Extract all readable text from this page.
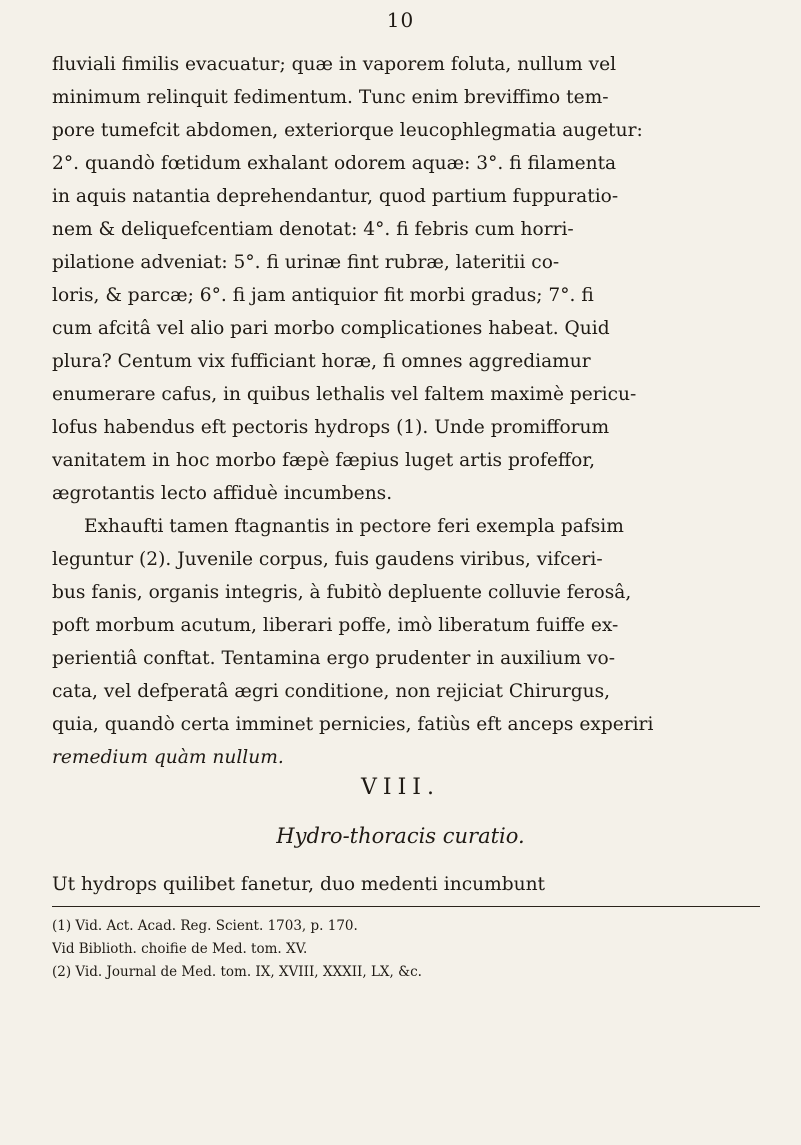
10
fluviali fimilis evacuatur; quæ in vaporem foluta, nullum vel
minimum relinquit fedimentum. Tunc enim breviffimo tem-
pore tumefcit abdomen, exteriorque leucophlegmatia augetur:
2°. quandò fœtidum exhalant odorem aquæ: 3°. fi filamenta
in aquis natantia deprehendantur, quod partium fuppuratio-
nem & deliquefcentiam denotat: 4°. fi febris cum horri-
pilatione adveniat: 5°. fi urinæ fint rubræ, lateritii co-
loris, & parcæ; 6°. fi jam antiquior fit morbi gradus; 7°. fi
cum afcitâ vel alio pari morbo complicationes habeat. Quid
plura? Centum vix fufficiant horæ, fi omnes aggrediamur
enumerare cafus, in quibus lethalis vel faltem maximè pericu-
lofus habendus eft pectoris hydrops (1). Unde promifforum
vanitatem in hoc morbo fæpè fæpius luget artis profeffor,
ægrotantis lecto affiduè incumbens.
Exhaufti tamen ftagnantis in pectore feri exempla pafsim
leguntur (2). Juvenile corpus, fuis gaudens viribus, vifceri-
bus fanis, organis integris, à fubitò depluente colluvie ferosâ,
poft morbum acutum, liberari poffe, imò liberatum fuiffe ex-
perientiâ conftat. Tentamina ergo prudenter in auxilium vo-
cata, vel defperatâ ægri conditione, non rejiciat Chirurgus,
quia, quandò certa imminet pernicies, fatiùs eft anceps experiri
remedium quàm nullum.
VIII.
Hydro-thoracis curatio.
Ut hydrops quilibet fanetur, duo medenti incumbunt
(1) Vid. Act. Acad. Reg. Scient. 1703, p. 170.
Vid Biblioth. choifie de Med. tom. XV.
(2) Vid. Journal de Med. tom. IX, XVIII, XXXII, LX, &c.
